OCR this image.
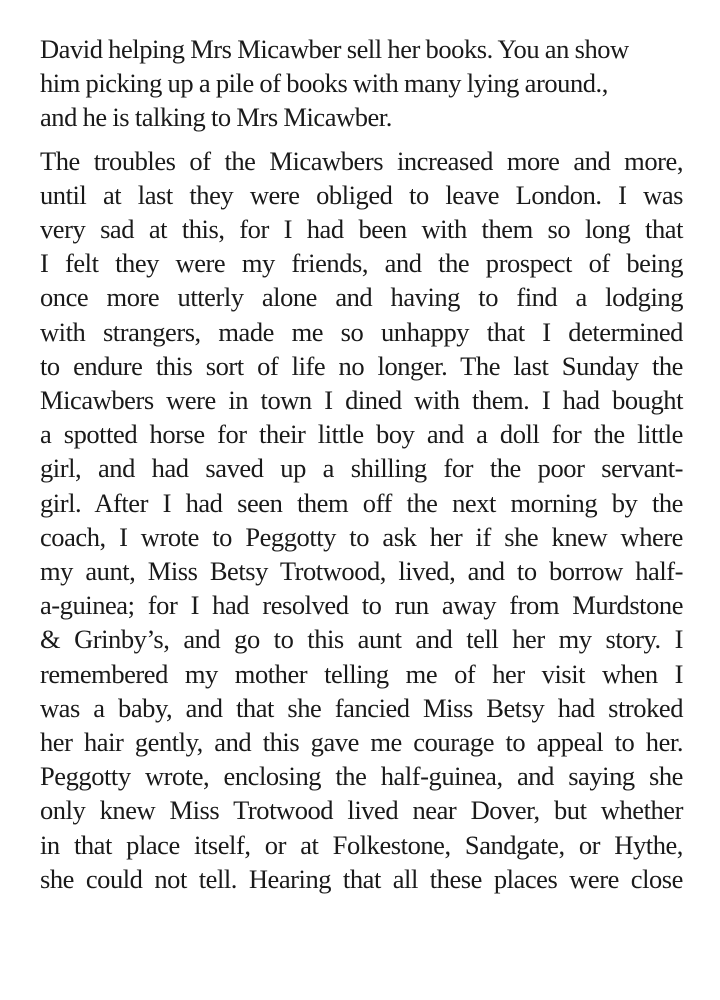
David helping Mrs Micawber sell her books. You an show
him picking up a pile of books with many lying around.,
and he is talking to Mrs Micawber.
The troubles of the Micawbers increased more and more,
until at last they were obliged to leave London. I was
very sad at this, for I had been with them so long that
I felt they were my friends, and the prospect of being
once more utterly alone and having to find a lodging
with strangers, made me so unhappy that I determined
to endure this sort of life no longer. The last Sunday the
Micawbers were in town I dined with them. I had bought
a spotted horse for their little boy and a doll for the little
girl, and had saved up a shilling for the poor servant-
girl. After I had seen them off the next morning by the
coach, I wrote to Peggotty to ask her if she knew where
my aunt, Miss Betsy Trotwood, lived, and to borrow half-
a-guinea; for I had resolved to run away from Murdstone
& Grinby’s, and go to this aunt and tell her my story. I
remembered my mother telling me of her visit when I
was a baby, and that she fancied Miss Betsy had stroked
her hair gently, and this gave me courage to appeal to her.
Peggotty wrote, enclosing the half-guinea, and saying she
only knew Miss Trotwood lived near Dover, but whether
in that place itself, or at Folkestone, Sandgate, or Hythe,
she could not tell. Hearing that all these places were close
